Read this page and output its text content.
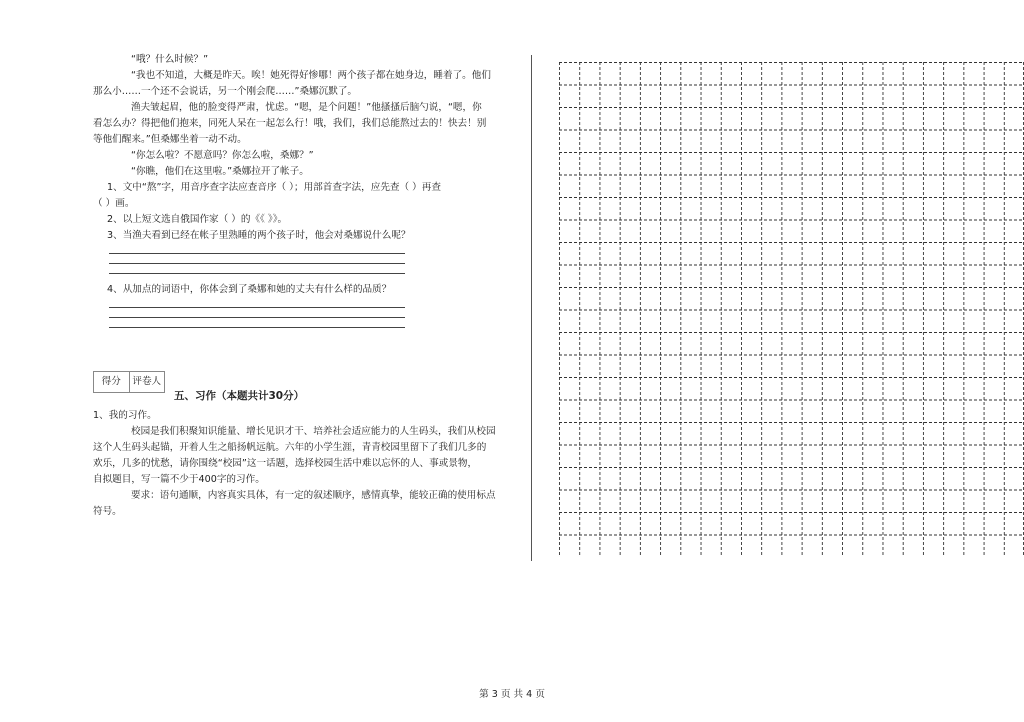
“哦？什么时候？”

“我也不知道，大概是昨天。唉！她死得好惨哪！两个孩子都在她身边，睡着了。他们

那么小……一个还不会说话，另一个刚会爬……”桑娜沉默了。

渔夫皱起眉，他的脸变得严肃，忧虑。“嗯，是个问题！”他搔搔后脑勺说，“嗯，你

看怎么办？得把他们抱来，同死人呆在一起怎么行！哦，我们，我们总能熬过去的！快去！别

等他们醒来。”但桑娜坐着一动不动。

“你怎么啦？不愿意吗？你怎么啦，桑娜？”

“你瞧，他们在这里啦。”桑娜拉开了帐子。

1、文中“熬”字，用音序查字法应查音序（ ）；用部首查字法，应先查（ ）再查

（ ）画。

2、以上短文选自俄国作家（ ）的《《 》》。

3、当渔夫看到已经在帐子里熟睡的两个孩子时，他会对桑娜说什么呢？

4、从加点的词语中，你体会到了桑娜和她的丈夫有什么样的品质？

得分	评卷人
五、习作（本题共计30分）

1、我的习作。

校园是我们积聚知识能量、增长见识才干、培养社会适应能力的人生码头，我们从校园

这个人生码头起锚，开着人生之船扬帆远航。六年的小学生涯，青青校园里留下了我们几多的

欢乐，几多的忧愁，请你围绕“校园”这一话题，选择校园生活中难以忘怀的人、事或景物，

自拟题目，写一篇不少于400字的习作。

要求：语句通顺，内容真实具体，有一定的叙述顺序，感情真挚，能较正确的使用标点

符号。

第 3 页 共 4 页
